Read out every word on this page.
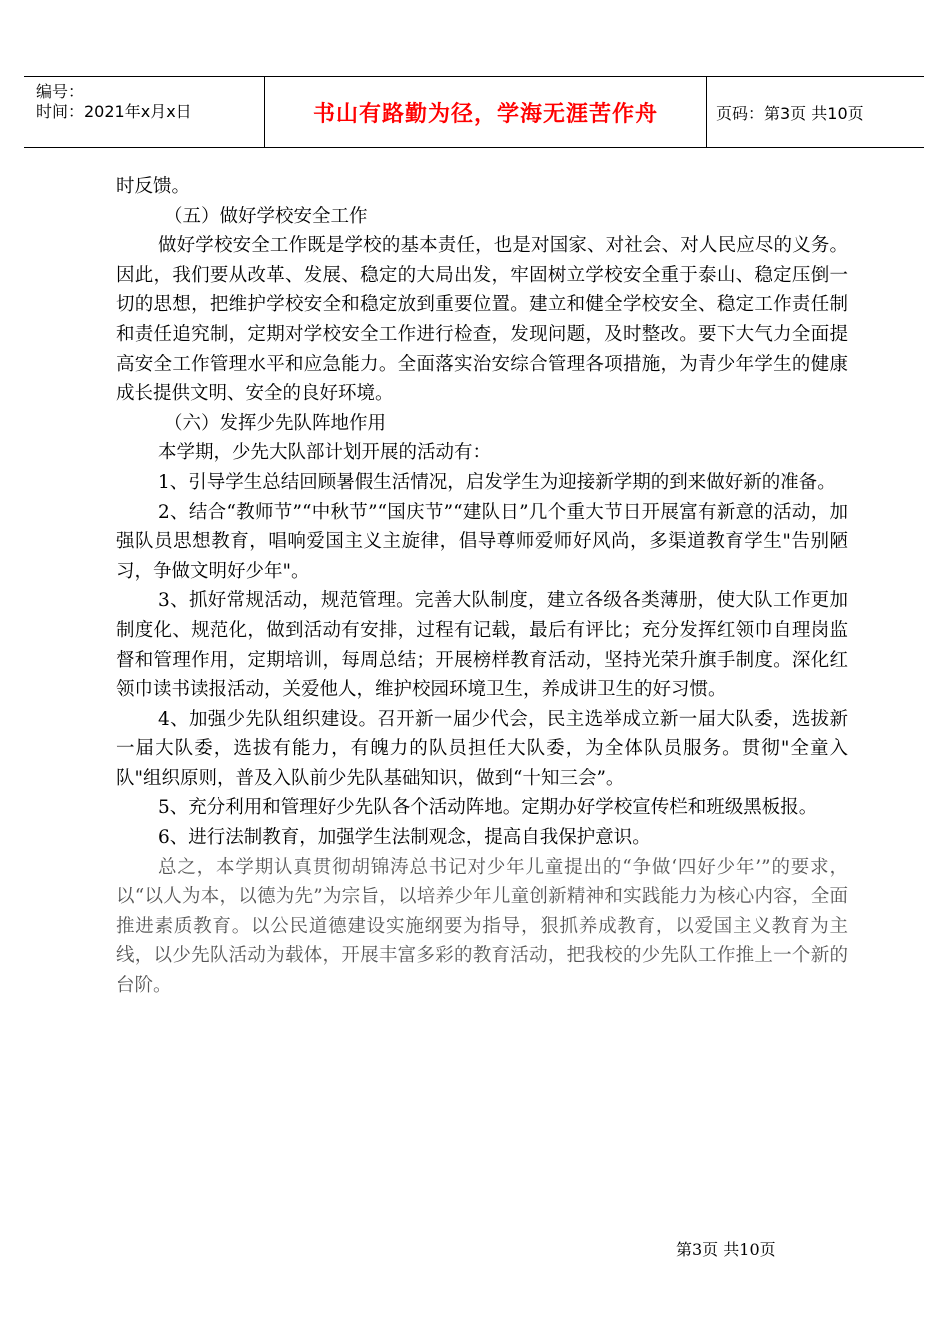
编号：
时间：2021年x月x日	书山有路勤为径，学海无涯苦作舟	页码：第3页 共10页

时反馈。

（五）做好学校安全工作

做好学校安全工作既是学校的基本责任，也是对国家、对社会、对人民应尽的义务。因此，我们要从改革、发展、稳定的大局出发，牢固树立学校安全重于泰山、稳定压倒一切的思想，把维护学校安全和稳定放到重要位置。建立和健全学校安全、稳定工作责任制和责任追究制，定期对学校安全工作进行检查，发现问题，及时整改。要下大气力全面提高安全工作管理水平和应急能力。全面落实治安综合管理各项措施，为青少年学生的健康成长提供文明、安全的良好环境。

（六）发挥少先队阵地作用

本学期，少先大队部计划开展的活动有：

1、引导学生总结回顾暑假生活情况，启发学生为迎接新学期的到来做好新的准备。

2、结合“教师节”“中秋节”“国庆节”“建队日”几个重大节日开展富有新意的活动，加强队员思想教育，唱响爱国主义主旋律，倡导尊师爱师好风尚，多渠道教育学生"告别陋习，争做文明好少年"。

3、抓好常规活动，规范管理。完善大队制度，建立各级各类薄册，使大队工作更加制度化、规范化，做到活动有安排，过程有记载，最后有评比；充分发挥红领巾自理岗监督和管理作用，定期培训，每周总结；开展榜样教育活动，坚持光荣升旗手制度。深化红领巾读书读报活动，关爱他人，维护校园环境卫生，养成讲卫生的好习惯。

4、加强少先队组织建设。召开新一届少代会，民主选举成立新一届大队委，选拔新一届大队委，选拔有能力，有魄力的队员担任大队委，为全体队员服务。贯彻"全童入队"组织原则，普及入队前少先队基础知识，做到“十知三会”。

5、充分利用和管理好少先队各个活动阵地。定期办好学校宣传栏和班级黑板报。

6、进行法制教育，加强学生法制观念，提高自我保护意识。

总之，本学期认真贯彻胡锦涛总书记对少年儿童提出的“争做‘四好少年’”的要求，以“以人为本，以德为先”为宗旨，以培养少年儿童创新精神和实践能力为核心内容，全面推进素质教育。以公民道德建设实施纲要为指导，狠抓养成教育，以爱国主义教育为主线，以少先队活动为载体，开展丰富多彩的教育活动，把我校的少先队工作推上一个新的台阶。

第3页 共10页
